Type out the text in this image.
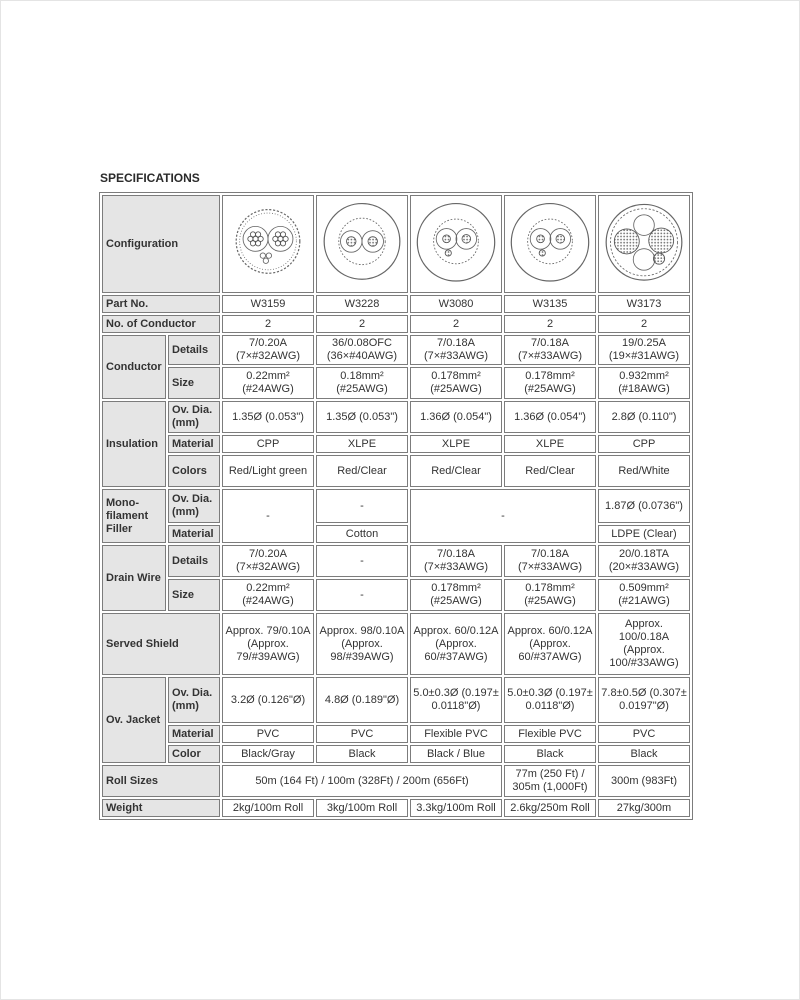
SPECIFICATIONS
Configuration	

Part No.		W3159	W3228	W3080	W3135	W3173
No. of Conductor		2	2	2	2	2
Conductor	Details	7/0.20A (7×#32AWG)	36/0.08OFC (36×#40AWG)	7/0.18A (7×#33AWG)	7/0.18A (7×#33AWG)	19/0.25A (19×#31AWG)
	Size	0.22mm² (#24AWG)	0.18mm² (#25AWG)	0.178mm² (#25AWG)	0.178mm² (#25AWG)	0.932mm² (#18AWG)
Insulation	Ov. Dia. (mm)	1.35Ø (0.053")	1.35Ø (0.053")	1.36Ø (0.054")	1.36Ø (0.054")	2.8Ø (0.110")
	Material	CPP	XLPE	XLPE	XLPE	CPP
	Colors	Red/Light green	Red/Clear	Red/Clear	Red/Clear	Red/White
Mono-filament Filler	Ov. Dia. (mm)	-	-	-		1.87Ø (0.0736")
	Material		Cotton			LDPE (Clear)
Drain Wire	Details	7/0.20A (7×#32AWG)	-	7/0.18A (7×#33AWG)	7/0.18A (7×#33AWG)	20/0.18TA (20×#33AWG)
	Size	0.22mm² (#24AWG)	-	0.178mm² (#25AWG)	0.178mm² (#25AWG)	0.509mm² (#21AWG)
Served Shield		Approx. 79/0.10A (Approx. 79/#39AWG)	Approx. 98/0.10A (Approx. 98/#39AWG)	Approx. 60/0.12A (Approx. 60/#37AWG)	Approx. 60/0.12A (Approx. 60/#37AWG)	Approx. 100/0.18A (Approx. 100/#33AWG)
Ov. Jacket	Ov. Dia. (mm)	3.2Ø (0.126"Ø)	4.8Ø (0.189"Ø)	5.0±0.3Ø (0.197± 0.0118"Ø)	5.0±0.3Ø (0.197± 0.0118"Ø)	7.8±0.5Ø (0.307± 0.0197"Ø)
	Material	PVC	PVC	Flexible PVC	Flexible PVC	PVC
	Color	Black/Gray	Black	Black / Blue	Black	Black
Roll Sizes		50m (164 Ft) / 100m (328Ft) / 200m (656Ft)			77m (250 Ft) / 305m (1,000Ft)	300m (983Ft)
Weight		2kg/100m Roll	3kg/100m Roll	3.3kg/100m Roll	2.6kg/250m Roll	27kg/300m
